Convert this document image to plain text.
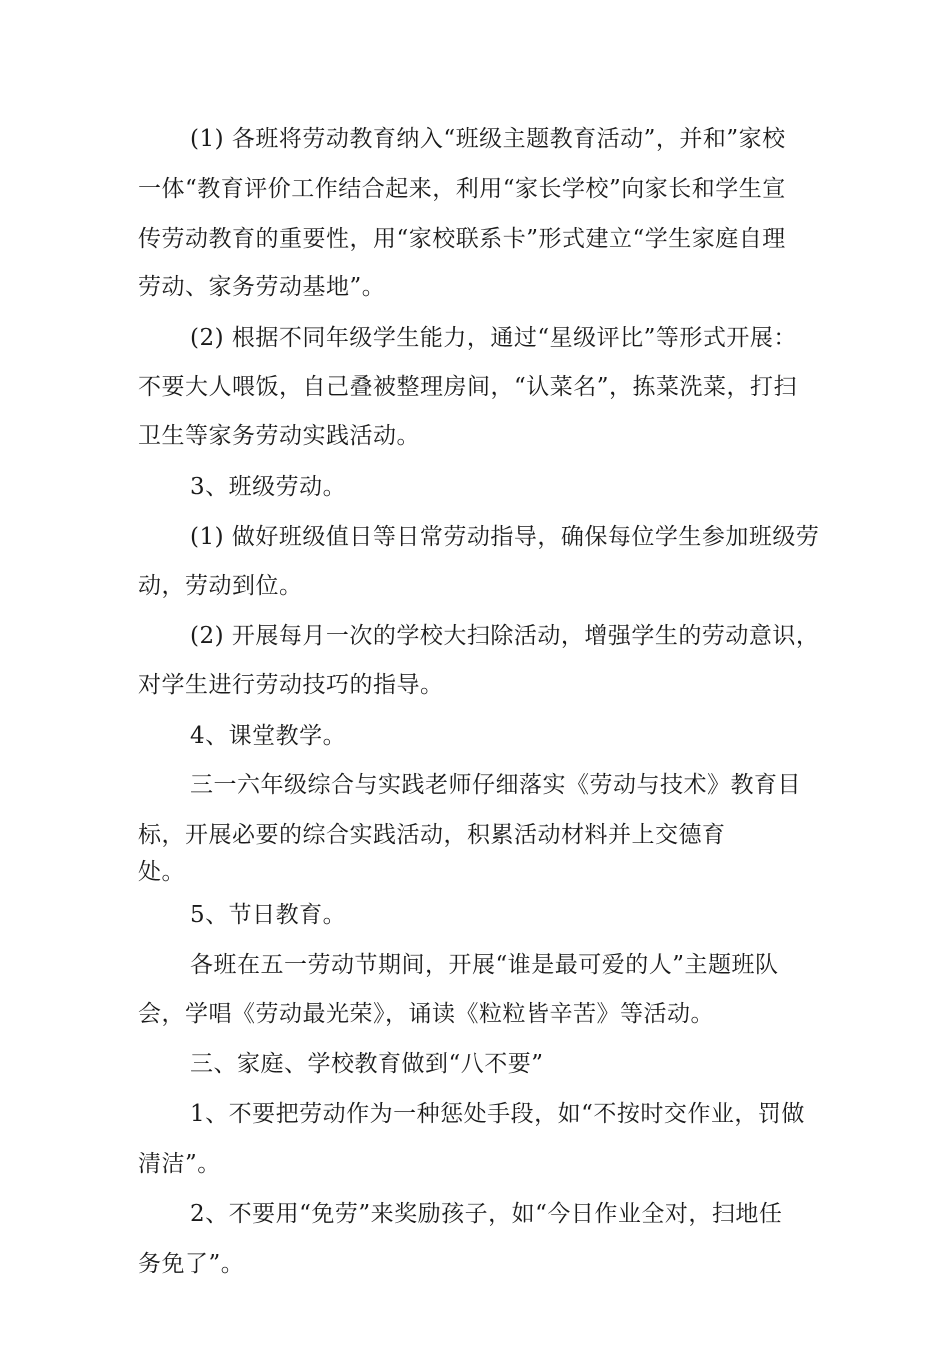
(1) 各班将劳动教育纳入“班级主题教育活动”，并和”家校
一体“教育评价工作结合起来，利用“家长学校”向家长和学生宣
传劳动教育的重要性，用“家校联系卡”形式建立“学生家庭自理
劳动、家务劳动基地”。
(2) 根据不同年级学生能力，通过“星级评比”等形式开展：
不要大人喂饭，自己叠被整理房间，“认菜名”，拣菜洗菜，打扫
卫生等家务劳动实践活动。
3、班级劳动。
(1) 做好班级值日等日常劳动指导，确保每位学生参加班级劳
动，劳动到位。
(2) 开展每月一次的学校大扫除活动，增强学生的劳动意识，
对学生进行劳动技巧的指导。
4、课堂教学。
三一六年级综合与实践老师仔细落实《劳动与技术》教育目
标，开展必要的综合实践活动，积累活动材料并上交德育
处。
5、节日教育。
各班在五一劳动节期间，开展“谁是最可爱的人”主题班队
会，学唱《劳动最光荣》，诵读《粒粒皆辛苦》等活动。
三、家庭、学校教育做到“八不要”
1、不要把劳动作为一种惩处手段，如“不按时交作业，罚做
清洁”。
2、不要用“免劳”来奖励孩子，如“今日作业全对，扫地任
务免了”。
